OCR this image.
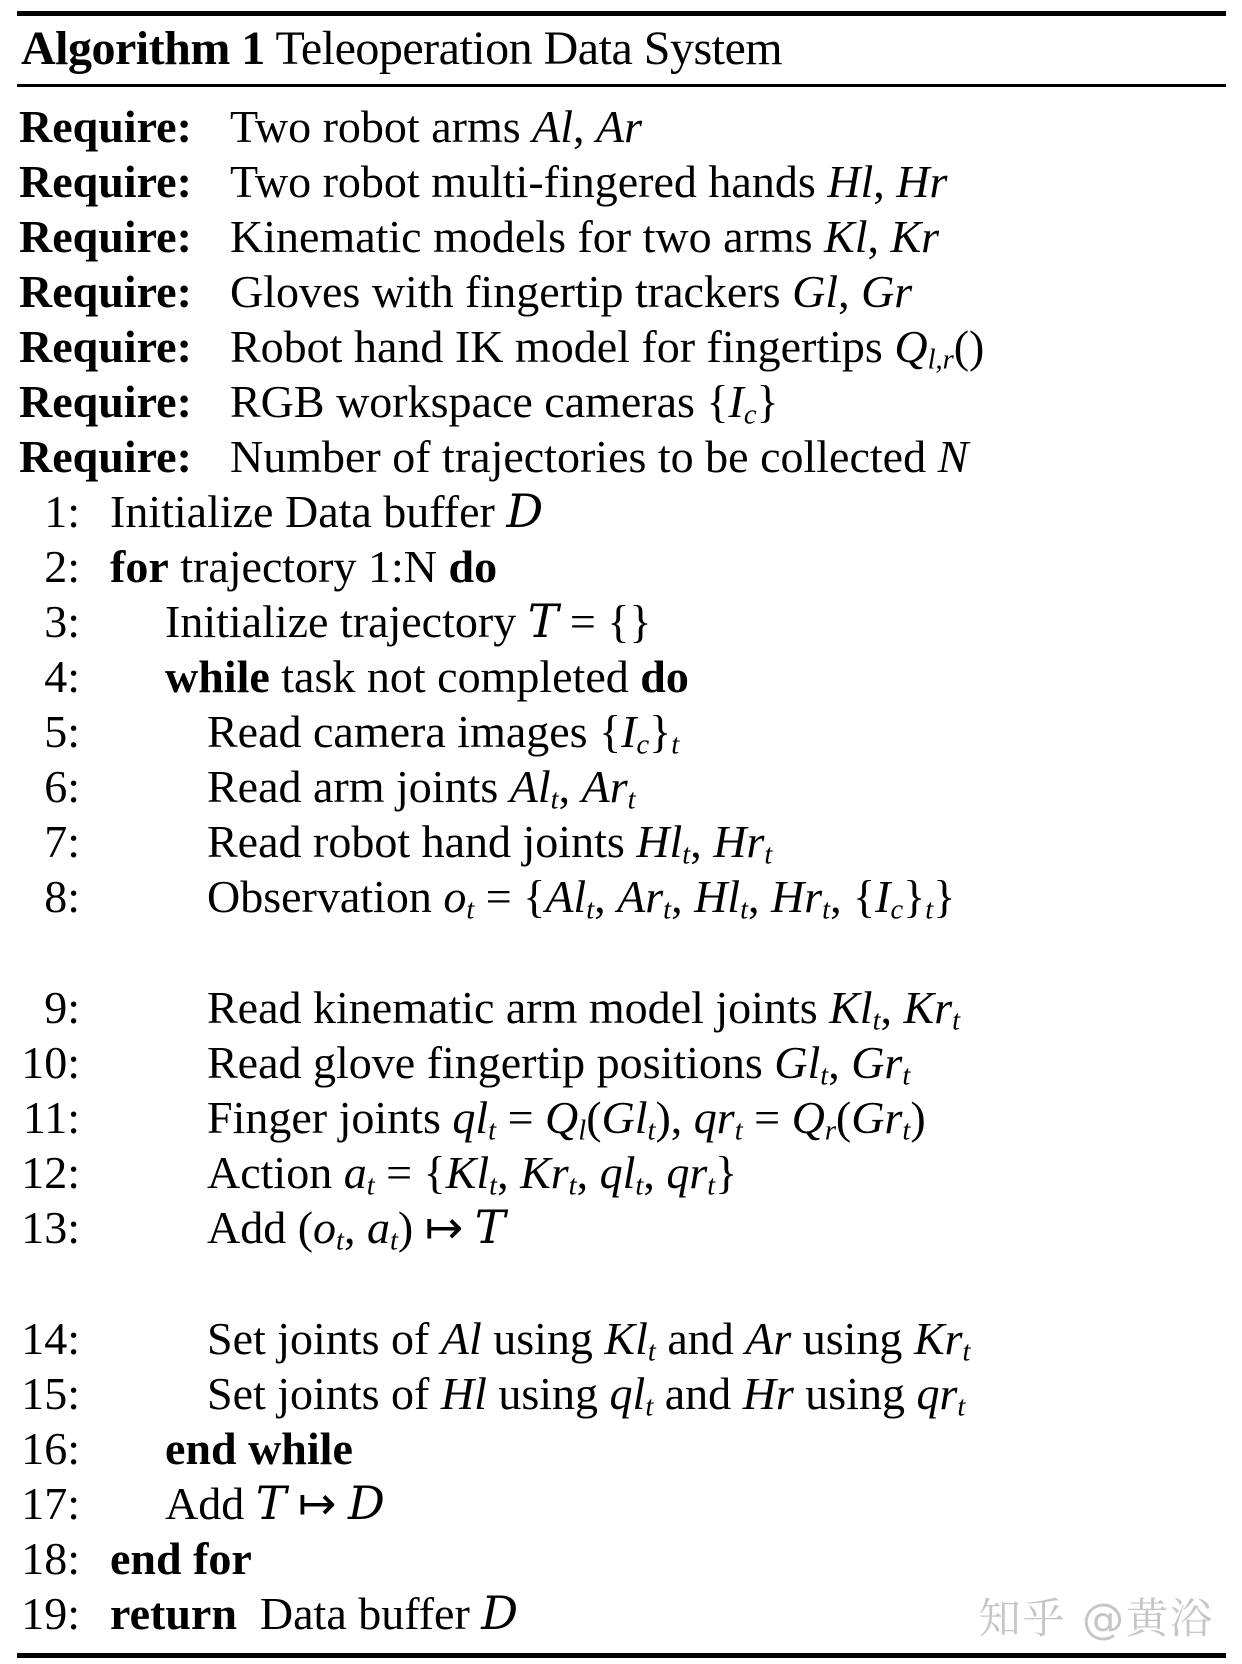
Algorithm 1 Teleoperation Data System
Require: Two robot arms Al, Ar
Require: Two robot multi-fingered hands Hl, Hr
Require: Kinematic models for two arms Kl, Kr
Require: Gloves with fingertip trackers Gl, Gr
Require: Robot hand IK model for fingertips $Q_{l,r}()$
Require: RGB workspace cameras $\{I_c\}$
Require: Number of trajectories to be collected N
1: Initialize Data buffer D
2: for trajectory 1:N do
3: Initialize trajectory T = {}
4: while task not completed do
5:	Read camera images $\{I_c\}_t$
6:	Read arm joints $Al_t$, $Ar_t$
7:	Read robot hand joints $Hl_t$, $Hr_t$
8:	Observation $o_t = \{Al_t$, $Ar_t$, $Hl_t$, $Hr_t$, $\{I_c\}_t$}
9:	Read kinematic arm model joints $Kl_t$, $Kr_t$
10:	Read glove fingertip positions $Gl_t$, $Gr_t$
11:	Finger joints $ql_t = Q_l(Gl_t)$, $qr_t = Q_r(Gr_t)$
12:	Action $a_t = \{Kl_t$, $Kr_t$, $ql_t$, $qr_t$}
13:	Add ($o_t$, $a_t$) ↦ T
14:	Set joints of Al using $Kl_t$ and Ar using $Kr_t$
15:	Set joints of Hl using $ql_t$ and Hr using $qr_t$
16: end while
17: Add T ↦ D
18: end for
19: return Data buffer D	知乎 @黄浴
